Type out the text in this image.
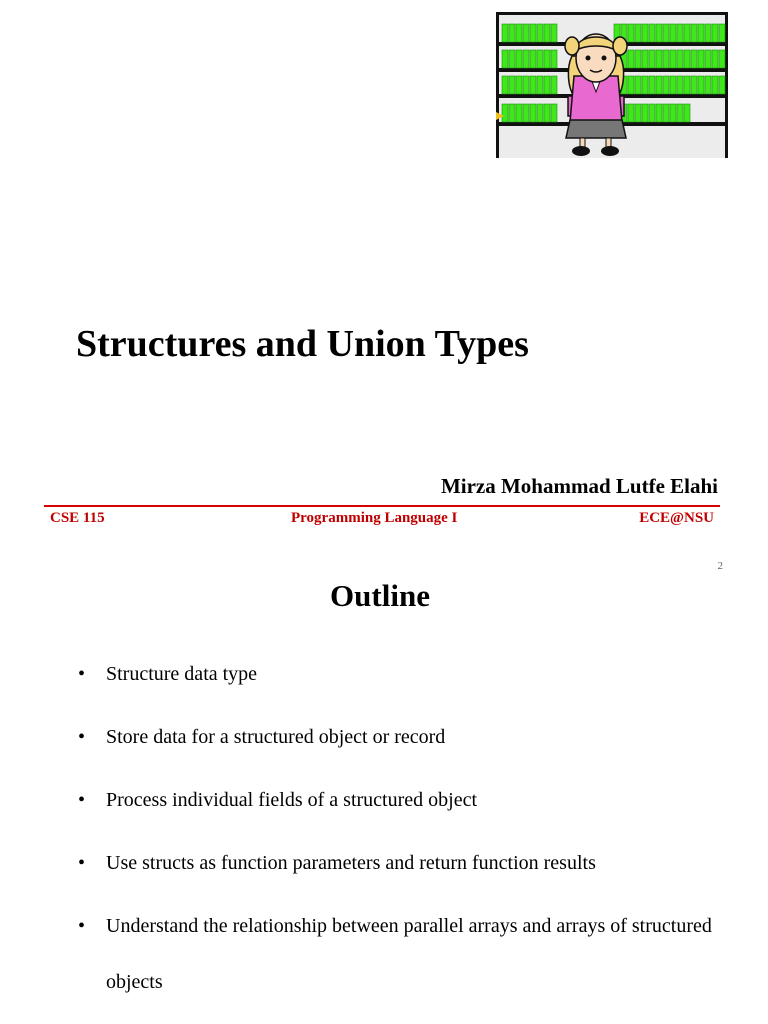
Structures and Union Types
Mirza Mohammad Lutfe Elahi
CSE 115	Programming Language I	ECE@NSU
2
Outline
• Structure data type
• Store data for a structured object or record
• Process individual fields of a structured object
• Use structs as function parameters and return function results
• Understand the relationship between parallel arrays and arrays of structured objects
